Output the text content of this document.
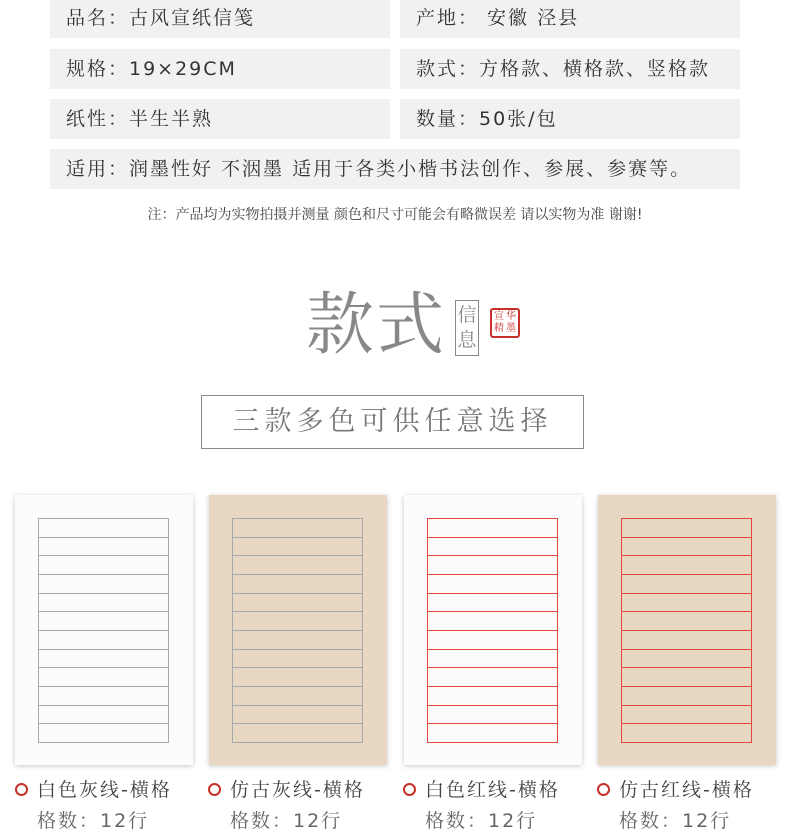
品名：古风宣纸信笺	产地： 安徽 泾县
规格：19×29CM	款式：方格款、横格款、竖格款
纸性：半生半熟	数量：50张/包
适用：润墨性好 不洇墨 适用于各类小楷书法创作、参展、参赛等。
注：产品均为实物拍摄并测量 颜色和尺寸可能会有略微误差 请以实物为准 谢谢!
款式 信
息
宣 华
精 墨
三款多色可供任意选择
白色灰线-横格
格数：12行
仿古灰线-横格
格数：12行
白色红线-横格
格数：12行
仿古红线-横格
格数：12行
